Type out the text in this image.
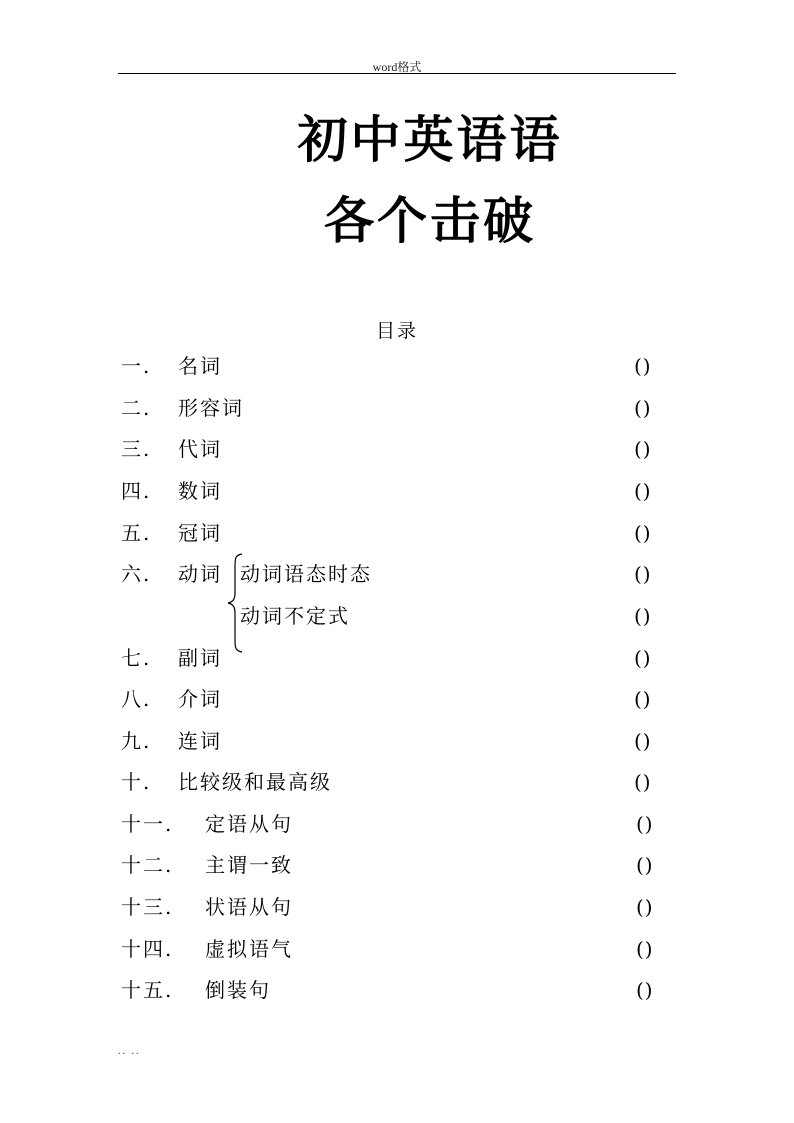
word格式
初中英语语
各个击破
目录
一. 名词	()
二. 形容词	()
三. 代词	()
四. 数词	()
五. 冠词	()
六. 动词 动词语态时态	()
动词不定式	()
七. 副词	()
八. 介词	()
九. 连词	()
十. 比较级和最高级	()
十一. 定语从句	()
十二. 主谓一致	()
十三. 状语从句	()
十四. 虚拟语气	()
十五. 倒装句	()
.. ..
